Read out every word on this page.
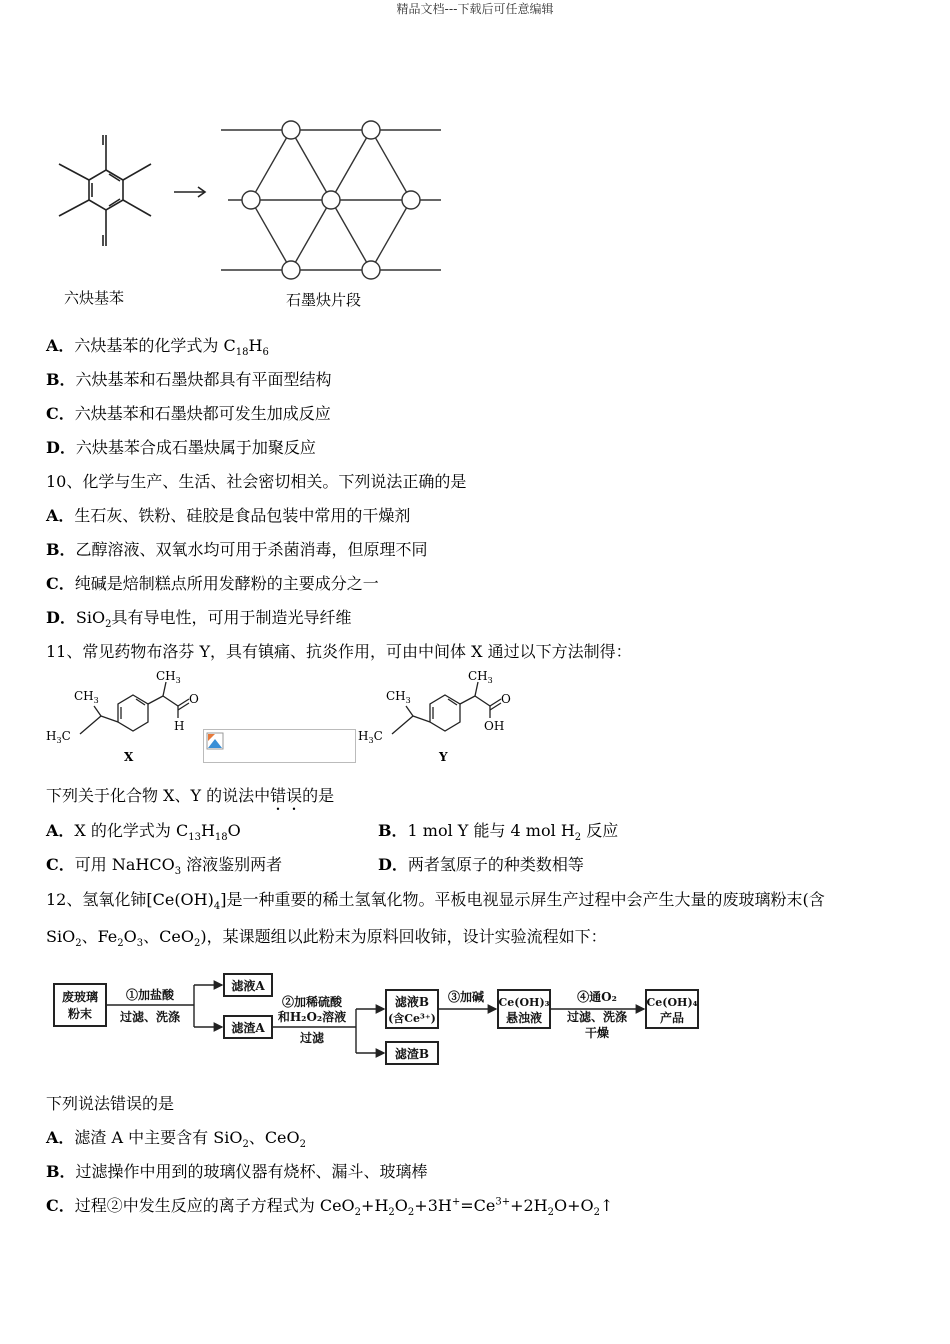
精品文档---下载后可任意编辑
六炔基苯	石墨炔片段
A．六炔基苯的化学式为 $C_{18}H_6$
B．六炔基苯和石墨炔都具有平面型结构
C．六炔基苯和石墨炔都可发生加成反应
D．六炔基苯合成石墨炔属于加聚反应
10、化学与生产、生活、社会密切相关。下列说法正确的是
A．生石灰、铁粉、硅胶是食品包装中常用的干燥剂
B．乙醇溶液、双氧水均可用于杀菌消毒，但原理不同
C．纯碱是焙制糕点所用发酵粉的主要成分之一
D．SiO$_2$具有导电性，可用于制造光导纤维
11、常见药物布洛芬 Y，具有镇痛、抗炎作用，可由中间体 X 通过以下方法制得：
$CH_3$
$H_3C$
$CH_3$
O
H
X
$CH_3$
$H_3C$
$CH_3$
O
OH
Y
下列关于化合物 X、Y 的说法中错误的是
A．X 的化学式为 $C_{13}H_{18}O$	B．1 mol Y 能与 4 mol $H_2$ 反应
C．可用 NaHCO$_3$ 溶液鉴别两者	D．两者氢原子的种类数相等
12、氢氧化铈$[Ce(OH)_4]$是一种重要的稀土氢氧化物。平板电视显示屏生产过程中会产生大量的废玻璃粉末(含
SiO$_2$、$Fe_2O_3$、CeO$_2$)，某课题组以此粉末为原料回收铈，设计实验流程如下：
废玻璃
粉末
①加盐酸
过滤、洗涤
滤液A
滤渣A
②加稀硫酸
和H₂O₂溶液
过滤
滤液B
(含Ce³⁺)
滤渣B
③加碱 Ce(OH)₃
悬浊液
④通O₂
过滤、洗涤
干燥
Ce(OH)₄
产品
下列说法错误的是
A．滤渣 A 中主要含有 SiO$_2$、CeO$_2$
B．过滤操作中用到的玻璃仪器有烧杯、漏斗、玻璃棒
C．过程②中发生反应的离子方程式为 $CeO_2+H_2O_2+3H^+=Ce^{3+}+2H_2O+O_2↑$
